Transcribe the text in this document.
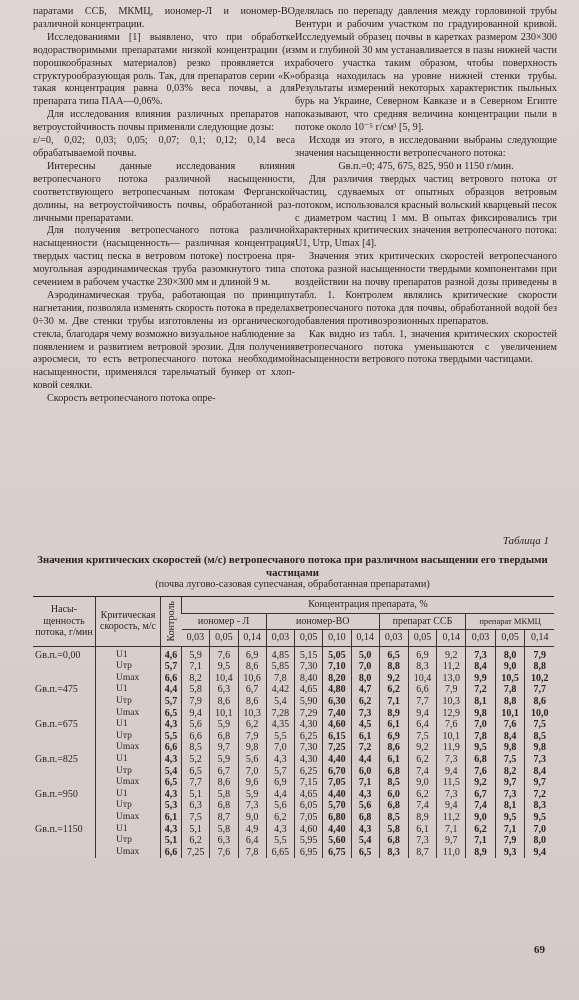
паратами ССБ, МКМЦ, иономер-Л и иономер-ВО различной концентрации.

Исследованиями [1] выявлено, что при обработке водорастворимыми препаратами низкой концентрации (из порошкообразных материалов) резко проявляется их структурообразующая роль. Так, для препаратов серии «К» такая концентрация равна 0,03% веса почвы, а для препарата типа ПАА—0,06%.

Для исследования влияния различных препаратов на ветроустойчивость почвы применяли следующие дозы:

ε/=0, 0,02; 0,03; 0,05; 0,07; 0,1; 0,12; 0,14 веса обрабатываемой почвы.

Интересны данные исследования влияния ветропесчаного потока различной насыщенности, соответствующего ветропесчаным потокам Ферганской долины, на ветроустойчивость почвы, обработанной различными препаратами.

Для получения ветропесчаного потока различной насыщенности (насыщенность— различная концентрация твердых частиц песка в ветровом потоке) построена прямоугольная аэродинамическая труба разомкнутого типа с сечением в рабочем участке 230×300 мм и длиной 9 м.

Аэродинамическая труба, работающая по принципу нагнетания, позволяла изменять скорость потока в пределах 0÷30 м. Две стенки трубы изготовлены из органического стекла, благодаря чему возможно визуальное наблюдение за появлением и развитием ветровой эрозии. Для получения аэросмеси, то есть ветропесчаного потока необходимой насыщенности, применялся тарельчатый бункер от хлопковой сеялки.

Скорость ветропесчаного потока опре-

делялась по перепаду давления между горловиной трубы Вентури и рабочим участком по градуированной кривой. Исследуемый образец почвы в каретках размером 230×300 мм и глубиной 30 мм устанавливается в пазы нижней части рабочего участка таким образом, чтобы поверхность образца находилась на уровне нижней стенки трубы. Результаты измерений некоторых характеристик пыльных бурь на Украине, Северном Кавказе и в Северном Египте показывают, что средняя величина концентрации пыли в потоке около 10⁻⁵ г/см³ [5, 9].

Исходя из этого, в исследовании выбраны следующие значения насыщенности ветропесчаного потока:

Gв.п.=0; 475, 675, 825, 950 и 1150 г/мин.

Для различия твердых частиц ветрового потока от частиц, сдуваемых от опытных образцов ветровым потоком, использовался красный вольский кварцевый песок с диаметром частиц 1 мм. В опытах фиксировались три характерных критических значения ветропесчаного потока: U1, Uтр, Umax [4].

Значения этих критических скоростей ветропесчаного потока разной насыщенности твердыми компонентами при воздействии на почву препаратов разной дозы приведены в табл. 1. Контролем являлись критические скорости ветропесчаного потока для почвы, обработанной водой без добавления противоэрозионных препаратов.

Как видно из табл. 1, значения критических скоростей ветропесчаного потока уменьшаются с увеличением насыщенности ветрового потока твердыми частицами.

Таблица 1
Значения критических скоростей (м/с) ветропесчаного потока при различном насыщении его твердыми частицами
(почва лугово-сазовая супесчаная, обработанная препаратами)
Насыщенность потока, г/мин	Критическая скорость, м/с	Контроль	Концентрация препарата, %												
			иономер - Л			иономер-ВО				препарат ССБ			препарат МКМЦ		
			0,03	0,05	0,14	0,03	0,05	0,10	0,14	0,03	0,05	0,14	0,03	0,05	0,14
Gв.п.=0,00	U1	4,6	5,9	7,6	6,9	4,85	5,15	5,05	5,0	6,5	6,9	9,2	7,3	8,0	7,9
	Uтр	5,7	7,1	9,5	8,6	5,85	7,30	7,10	7,0	8,8	8,3	11,2	8,4	9,0	8,8
	Umax	6,6	8,2	10,4	10,6	7,8	8,40	8,20	8,0	9,2	10,4	13,0	9,9	10,5	10,2
Gв.п.=475	U1	4,4	5,8	6,3	6,7	4,42	4,65	4,80	4,7	6,2	6,6	7,9	7,2	7,8	7,7
	Uтр	5,7	7,9	8,6	8,6	5,4	5,90	6,30	6,2	7,1	7,7	10,3	8,1	8,8	8,6
	Umax	6,5	9,4	10,1	10,3	7,28	7,29	7,40	7,3	8,9	9,4	12,9	9,8	10,1	10,0
Gв.п.=675	U1	4,3	5,6	5,9	6,2	4,35	4,30	4,60	4,5	6,1	6,4	7,6	7,0	7,6	7,5
	Uтр	5,5	6,6	6,8	7,9	5,5	6,25	6,15	6,1	6,9	7,5	10,1	7,8	8,4	8,5
	Umax	6,6	8,5	9,7	9,8	7,0	7,30	7,25	7,2	8,6	9,2	11,9	9,5	9,8	9,8
Gв.п.=825	U1	4,3	5,2	5,9	5,6	4,3	4,30	4,40	4,4	6,1	6,2	7,3	6,8	7,5	7,3
	Uтр	5,4	6,5	6,7	7,0	5,7	6,25	6,70	6,0	6,8	7,4	9,4	7,6	8,2	8,4
	Umax	6,5	7,7	8,6	9,6	6,9	7,15	7,05	7,1	8,5	9,0	11,5	9,2	9,7	9,7
Gв.п.=950	U1	4,3	5,1	5,8	5,9	4,4	4,65	4,40	4,3	6,0	6,2	7,3	6,7	7,3	7,2
	Uтр	5,3	6,3	6,8	7,3	5,6	6,05	5,70	5,6	6,8	7,4	9,4	7,4	8,1	8,3
	Umax	6,1	7,5	8,7	9,0	6,2	7,05	6,80	6,8	8,5	8,9	11,2	9,0	9,5	9,5
Gв.п.=1150	U1	4,3	5,1	5,8	4,9	4,3	4,60	4,40	4,3	5,8	6,1	7,1	6,2	7,1	7,0
	Uтр	5,1	6,2	6,3	6,4	5,5	5,95	5,60	5,4	6,8	7,3	9,7	7,1	7,9	8,0
	Umax	6,6	7,25	7,6	7,8	6,65	6,95	6,75	6,5	8,3	8,7	11,0	8,9	9,3	9,4
69
